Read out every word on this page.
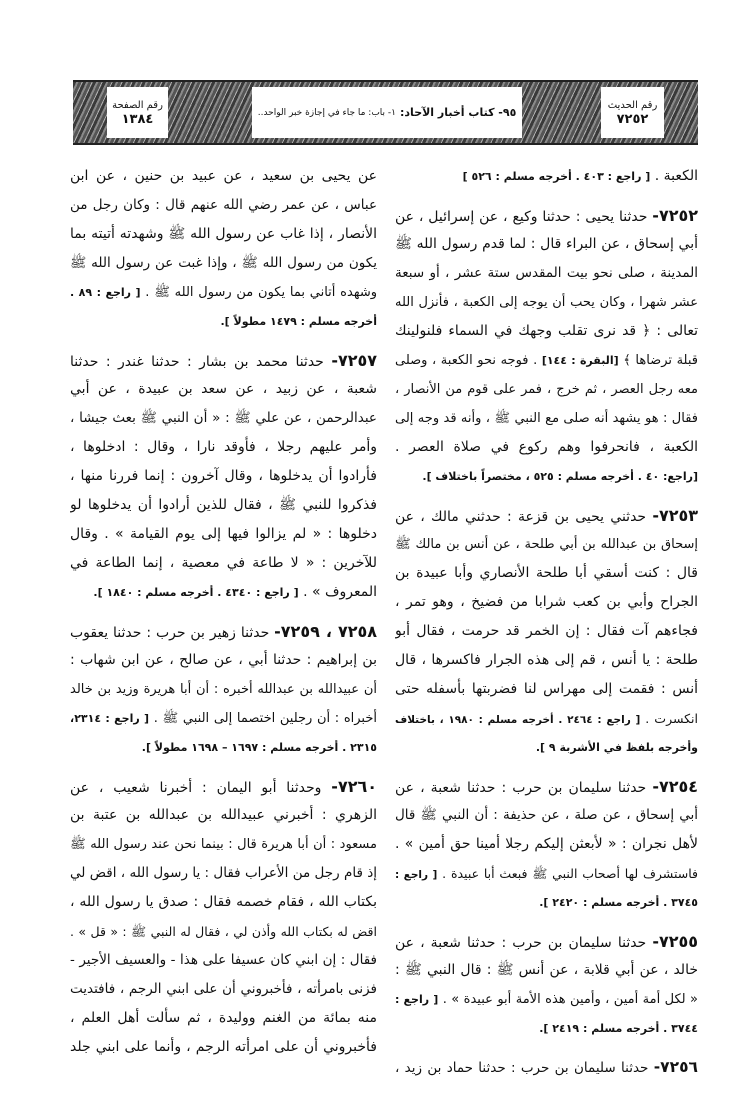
رقم الصفحة
١٣٨٤	٩٥- كتاب أخبار الآحاد:
١- باب: ما جاء في إجازة خبر الواحد..
رقم الحديث
٧٢٥٢
الكعبة . [ راجع : ٤٠٣ . أخرجه مسلم : ٥٢٦ ]
٧٢٥٢- حدثنا يحيى : حدثنا وكيع ، عن إسرائيل ، عن
أبي إسحاق ، عن البراء قال : لما قدم رسول الله ﷺ
المدينة ، صلى نحو بيت المقدس ستة عشر ، أو سبعة
عشر شهرا ، وكان يحب أن يوجه إلى الكعبة ، فأنزل الله
تعالى : ﴿ قد نرى تقلب وجهك في السماء فلنولينك
قبلة ترضاها ﴾ [البقرة : ١٤٤] . فوجه نحو الكعبة ، وصلى
معه رجل العصر ، ثم خرج ، فمر على قوم من الأنصار ،
فقال : هو يشهد أنه صلى مع النبي ﷺ ، وأنه قد وجه إلى
الكعبة ، فانحرفوا وهم ركوع في صلاة العصر .
[راجع: ٤٠ . أخرجه مسلم : ٥٢٥ ، مختصراً باختلاف ].
٧٢٥٣- حدثني يحيى بن قزعة : حدثني مالك ، عن
إسحاق بن عبدالله بن أبي طلحة ، عن أنس بن مالك ﷺ
قال : كنت أسقي أبا طلحة الأنصاري وأبا عبيدة بن
الجراح وأبي بن كعب شرابا من فضيخ ، وهو تمر ،
فجاءهم آت فقال : إن الخمر قد حرمت ، فقال أبو
طلحة : يا أنس ، قم إلى هذه الجرار فاكسرها ، قال
أنس : فقمت إلى مهراس لنا فضربتها بأسفله حتى
انكسرت . [ راجع : ٢٤٦٤ . أخرجه مسلم : ١٩٨٠ ، باختلاف
وأخرجه بلفظ في الأشربة ٩ ].
٧٢٥٤- حدثنا سليمان بن حرب : حدثنا شعبة ، عن
أبي إسحاق ، عن صلة ، عن حذيفة : أن النبي ﷺ قال
لأهل نجران : « لأبعثن إليكم رجلا أمينا حق أمين » .
فاستشرف لها أصحاب النبي ﷺ فبعث أبا عبيدة . [ راجع :
٣٧٤٥ . أخرجه مسلم : ٢٤٢٠ ].
٧٢٥٥- حدثنا سليمان بن حرب : حدثنا شعبة ، عن
خالد ، عن أبي قلابة ، عن أنس ﷺ : قال النبي ﷺ :
« لكل أمة أمين ، وأمين هذه الأمة أبو عبيدة » . [ راجع :
٣٧٤٤ . أخرجه مسلم : ٢٤١٩ ].
٧٢٥٦- حدثنا سليمان بن حرب : حدثنا حماد بن زيد ،
عن يحيى بن سعيد ، عن عبيد بن حنين ، عن ابن
عباس ، عن عمر رضي الله عنهم قال : وكان رجل من
الأنصار ، إذا غاب عن رسول الله ﷺ وشهدته أتيته بما
يكون من رسول الله ﷺ ، وإذا غبت عن رسول الله ﷺ
وشهده أتاني بما يكون من رسول الله ﷺ . [ راجع : ٨٩ .
أخرجه مسلم : ١٤٧٩ مطولاً ].
٧٢٥٧- حدثنا محمد بن بشار : حدثنا غندر : حدثنا
شعبة ، عن زبيد ، عن سعد بن عبيدة ، عن أبي
عبدالرحمن ، عن علي ﷺ : « أن النبي ﷺ بعث جيشا ،
وأمر عليهم رجلا ، فأوقد نارا ، وقال : ادخلوها ،
فأرادوا أن يدخلوها ، وقال آخرون : إنما فررنا منها ،
فذكروا للنبي ﷺ ، فقال للذين أرادوا أن يدخلوها لو
دخلوها : « لم يزالوا فيها إلى يوم القيامة » . وقال
للآخرين : « لا طاعة في معصية ، إنما الطاعة في
المعروف » . [ راجع : ٤٣٤٠ . أخرجه مسلم : ١٨٤٠ ].
٧٢٥٨ ، ٧٢٥٩- حدثنا زهير بن حرب : حدثنا يعقوب
بن إبراهيم : حدثنا أبي ، عن صالح ، عن ابن شهاب :
أن عبيدالله بن عبدالله أخبره : أن أبا هريرة وزيد بن خالد
أخبراه : أن رجلين اختصما إلى النبي ﷺ . [ راجع : ٢٣١٤،
٢٣١٥ . أخرجه مسلم : ١٦٩٧ – ١٦٩٨ مطولاً ].
٧٢٦٠- وحدثنا أبو اليمان : أخبرنا شعيب ، عن
الزهري : أخبرني عبيدالله بن عبدالله بن عتبة بن
مسعود : أن أبا هريرة قال : بينما نحن عند رسول الله ﷺ
إذ قام رجل من الأعراب فقال : يا رسول الله ، اقض لي
بكتاب الله ، فقام خصمه فقال : صدق يا رسول الله ،
اقض له بكتاب الله وأذن لي ، فقال له النبي ﷺ : « قل » .
فقال : إن ابني كان عسيفا على هذا - والعسيف الأجير -
فزنى بامرأته ، فأخبروني أن على ابني الرجم ، فافتديت
منه بمائة من الغنم ووليدة ، ثم سألت أهل العلم ،
فأخبروني أن على امرأته الرجم ، وأنما على ابني جلد
